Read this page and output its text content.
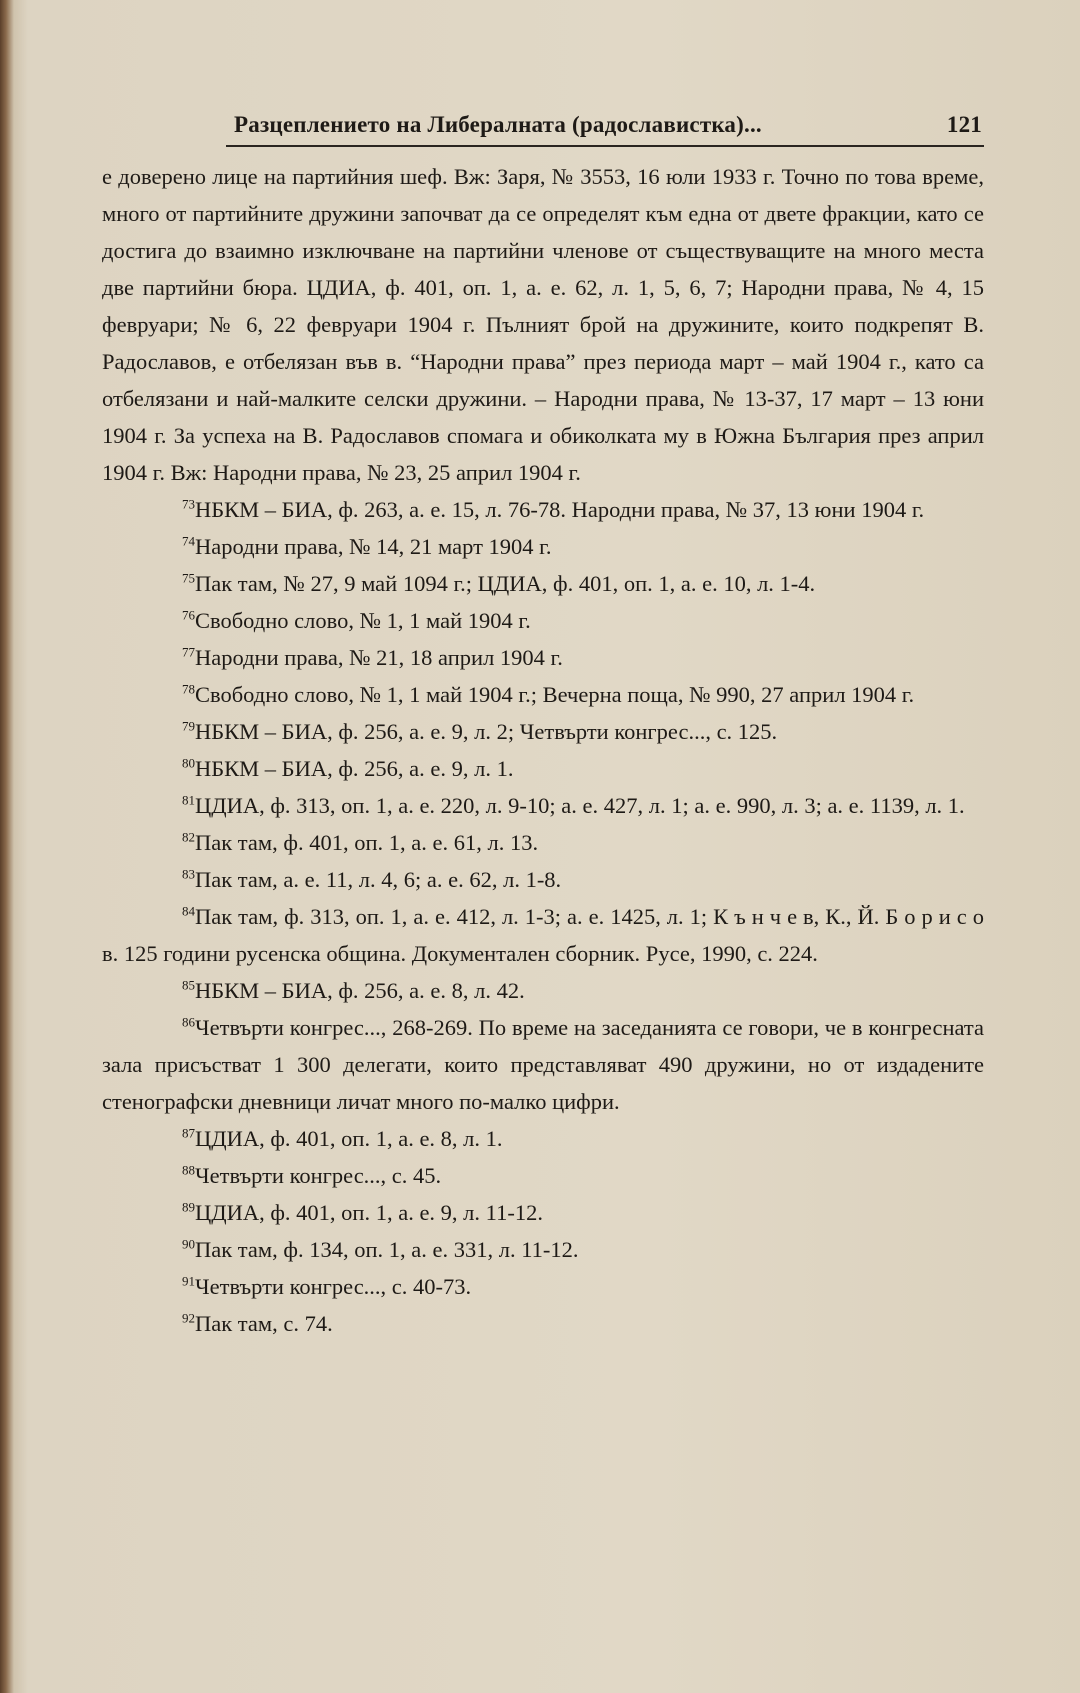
Разцеплението на Либералната (радославистка)...	121

е доверено лице на партийния шеф. Вж: Заря, № 3553, 16 юли 1933 г. Точно по това време, много от партийните дружини започват да се определят към една от двете фракции, като се достига до взаимно изключване на партийни членове от съществуващите на много места две партийни бюра. ЦДИА, ф. 401, оп. 1, а. е. 62, л. 1, 5, 6, 7; Народни права, № 4, 15 февруари; № 6, 22 февруари 1904 г. Пълният брой на дружините, които подкрепят В. Радославов, е отбелязан във в. “Народни права” през периода март – май 1904 г., като са отбелязани и най-малките селски дружини. – Народни права, № 13-37, 17 март – 13 юни 1904 г. За успеха на В. Радославов спомага и обиколката му в Южна България през април 1904 г. Вж: Народни права, № 23, 25 април 1904 г.

$^{73}$НБКМ – БИА, ф. 263, а. е. 15, л. 76-78. Народни права, № 37, 13 юни 1904 г.

$^{74}$Народни права, № 14, 21 март 1904 г.

$^{75}$Пак там, № 27, 9 май 1094 г.; ЦДИА, ф. 401, оп. 1, а. е. 10, л. 1-4.

$^{76}$Свободно слово, № 1, 1 май 1904 г.

$^{77}$Народни права, № 21, 18 април 1904 г.

$^{78}$Свободно слово, № 1, 1 май 1904 г.; Вечерна поща, № 990, 27 април 1904 г.

$^{79}$НБКМ – БИА, ф. 256, а. е. 9, л. 2; Четвърти конгрес..., с. 125.

$^{80}$НБКМ – БИА, ф. 256, а. е. 9, л. 1.

$^{81}$ЦДИА, ф. 313, оп. 1, а. е. 220, л. 9-10; а. е. 427, л. 1; а. е. 990, л. 3; а. е. 1139, л. 1.

$^{82}$Пак там, ф. 401, оп. 1, а. е. 61, л. 13.

$^{83}$Пак там, а. е. 11, л. 4, 6; а. е. 62, л. 1-8.

$^{84}$Пак там, ф. 313, оп. 1, а. е. 412, л. 1-3; а. е. 1425, л. 1; К ъ н ч е в, К., Й. Б о р и с о в. 125 години русенска община. Документален сборник. Русе, 1990, с. 224.

$^{85}$НБКМ – БИА, ф. 256, а. е. 8, л. 42.

$^{86}$Четвърти конгрес..., 268-269. По време на заседанията се говори, че в конгресната зала присъстват 1 300 делегати, които представляват 490 дружини, но от издадените стенографски дневници личат много по-малко цифри.

$^{87}$ЦДИА, ф. 401, оп. 1, а. е. 8, л. 1.

$^{88}$Четвърти конгрес..., с. 45.

$^{89}$ЦДИА, ф. 401, оп. 1, а. е. 9, л. 11-12.

$^{90}$Пак там, ф. 134, оп. 1, а. е. 331, л. 11-12.

$^{91}$Четвърти конгрес..., с. 40-73.

$^{92}$Пак там, с. 74.
